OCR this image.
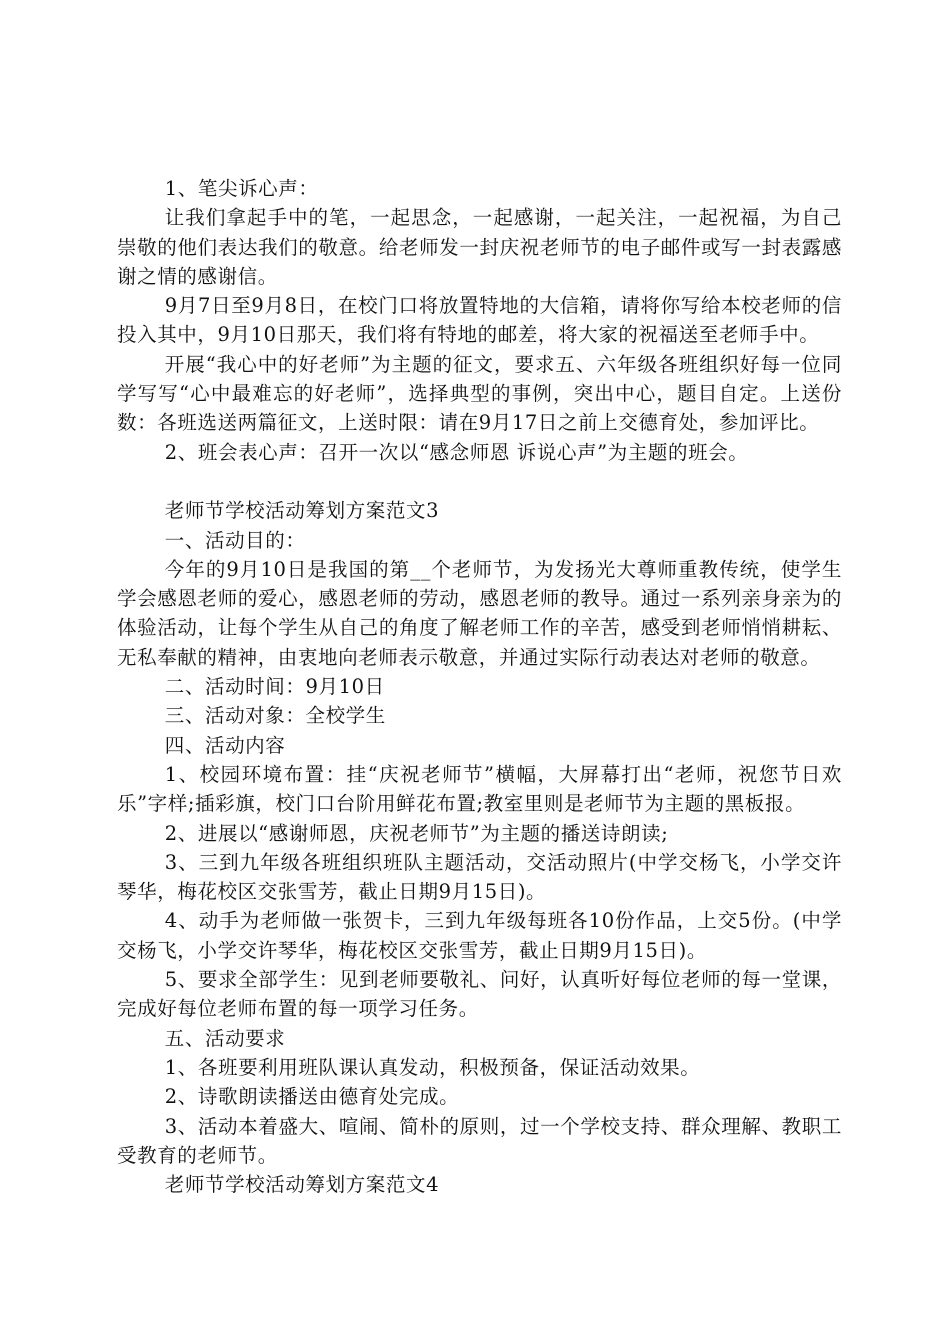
1、笔尖诉心声：

让我们拿起手中的笔，一起思念，一起感谢，一起关注，一起祝福，为自己崇敬的他们表达我们的敬意。给老师发一封庆祝老师节的电子邮件或写一封表露感谢之情的感谢信。

9月7日至9月8日，在校门口将放置特地的大信箱，请将你写给本校老师的信投入其中，9月10日那天，我们将有特地的邮差，将大家的祝福送至老师手中。

开展“我心中的好老师”为主题的征文，要求五、六年级各班组织好每一位同学写写“心中最难忘的好老师”，选择典型的事例，突出中心，题目自定。上送份数：各班选送两篇征文，上送时限：请在9月17日之前上交德育处，参加评比。

2、班会表心声：召开一次以“感念师恩 诉说心声”为主题的班会。

老师节学校活动筹划方案范文3

一、活动目的：

今年的9月10日是我国的第__个老师节，为发扬光大尊师重教传统，使学生学会感恩老师的爱心，感恩老师的劳动，感恩老师的教导。通过一系列亲身亲为的体验活动，让每个学生从自己的角度了解老师工作的辛苦，感受到老师悄悄耕耘、无私奉献的精神，由衷地向老师表示敬意，并通过实际行动表达对老师的敬意。

二、活动时间：9月10日

三、活动对象：全校学生

四、活动内容

1、校园环境布置：挂“庆祝老师节”横幅，大屏幕打出“老师，祝您节日欢乐”字样;插彩旗，校门口台阶用鲜花布置;教室里则是老师节为主题的黑板报。

2、进展以“感谢师恩，庆祝老师节”为主题的播送诗朗读;

3、三到九年级各班组织班队主题活动，交活动照片(中学交杨飞，小学交许琴华，梅花校区交张雪芳，截止日期9月15日)。

4、动手为老师做一张贺卡，三到九年级每班各10份作品，上交5份。(中学交杨飞，小学交许琴华，梅花校区交张雪芳，截止日期9月15日)。

5、要求全部学生：见到老师要敬礼、问好，认真听好每位老师的每一堂课，完成好每位老师布置的每一项学习任务。

五、活动要求

1、各班要利用班队课认真发动，积极预备，保证活动效果。

2、诗歌朗读播送由德育处完成。

3、活动本着盛大、喧闹、简朴的原则，过一个学校支持、群众理解、教职工受教育的老师节。

老师节学校活动筹划方案范文4
